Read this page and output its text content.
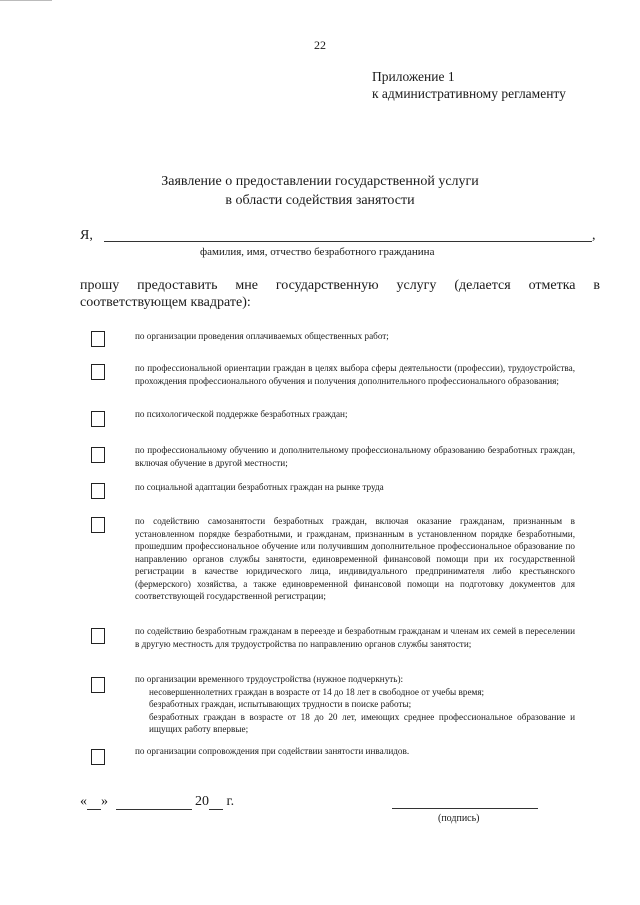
22
Приложение 1
к административному регламенту
Заявление о предоставлении государственной услуги
в области содействия занятости
Я,	,
фамилия, имя, отчество безработного гражданина
прошу предоставить мне государственную услугу (делается отметка в соответствующем квадрате):
по организации проведения оплачиваемых общественных работ;
по профессиональной ориентации граждан в целях выбора сферы деятельности (профессии), трудоустройства, прохождения профессионального обучения и получения дополнительного профессионального образования;
по психологической поддержке безработных граждан;
по профессиональному обучению и дополнительному профессиональному образованию безработных граждан, включая обучение в другой местности;
по социальной адаптации безработных граждан на рынке труда
по содействию самозанятости безработных граждан, включая оказание гражданам, признанным в установленном порядке безработными, и гражданам, признанным в установленном порядке безработными, прошедшим профессиональное обучение или получившим дополнительное профессиональное образование по направлению органов службы занятости, единовременной финансовой помощи при их государственной регистрации в качестве юридического лица, индивидуального предпринимателя либо крестьянского (фермерского) хозяйства, а также единовременной финансовой помощи на подготовку документов для соответствующей государственной регистрации;
по содействию безработным гражданам в переезде и безработным гражданам и членам их семей в переселении в другую местность для трудоустройства по направлению органов службы занятости;
по организации временного трудоустройства (нужное подчеркнуть):
несовершеннолетних граждан в возрасте от 14 до 18 лет в свободное от учебы время;
безработных граждан, испытывающих трудности в поиске работы;
безработных граждан в возрасте от 18 до 20 лет, имеющих среднее профессиональное образование и ищущих работу впервые;
по организации сопровождения при содействии занятости инвалидов.
« »	20 г.
(подпись)
